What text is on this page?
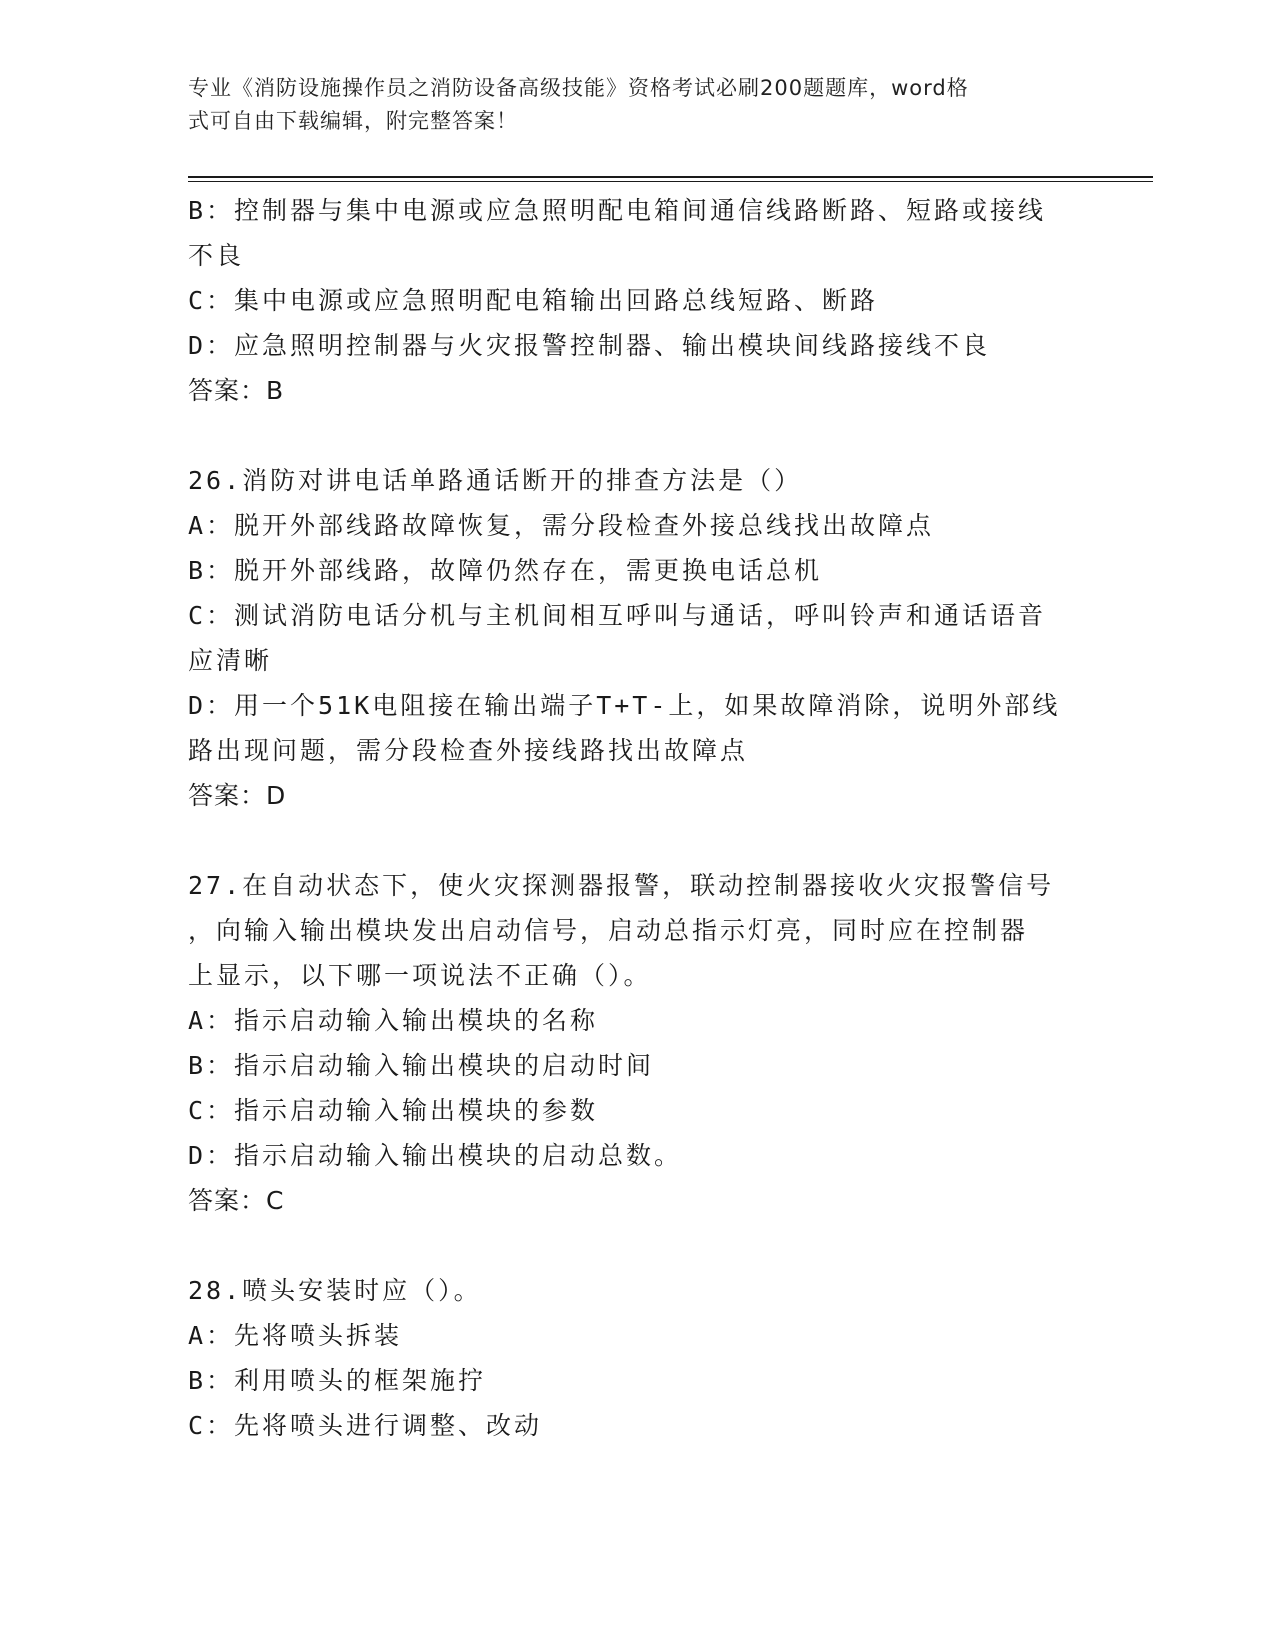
专业《消防设施操作员之消防设备高级技能》资格考试必刷200题题库，word格
式可自由下载编辑，附完整答案！
B：控制器与集中电源或应急照明配电箱间通信线路断路、短路或接线
不良
C：集中电源或应急照明配电箱输出回路总线短路、断路
D：应急照明控制器与火灾报警控制器、输出模块间线路接线不良
答案：B
26.消防对讲电话单路通话断开的排查方法是（）
A：脱开外部线路故障恢复，需分段检查外接总线找出故障点
B：脱开外部线路，故障仍然存在，需更换电话总机
C：测试消防电话分机与主机间相互呼叫与通话，呼叫铃声和通话语音
应清晰
D：用一个51K电阻接在输出端子T+T-上，如果故障消除，说明外部线
路出现问题，需分段检查外接线路找出故障点
答案：D
27.在自动状态下，使火灾探测器报警，联动控制器接收火灾报警信号
，向输入输出模块发出启动信号，启动总指示灯亮，同时应在控制器
上显示，以下哪一项说法不正确（）。
A：指示启动输入输出模块的名称
B：指示启动输入输出模块的启动时间
C：指示启动输入输出模块的参数
D：指示启动输入输出模块的启动总数。
答案：C
28.喷头安装时应（）。
A：先将喷头拆装
B：利用喷头的框架施拧
C：先将喷头进行调整、改动
